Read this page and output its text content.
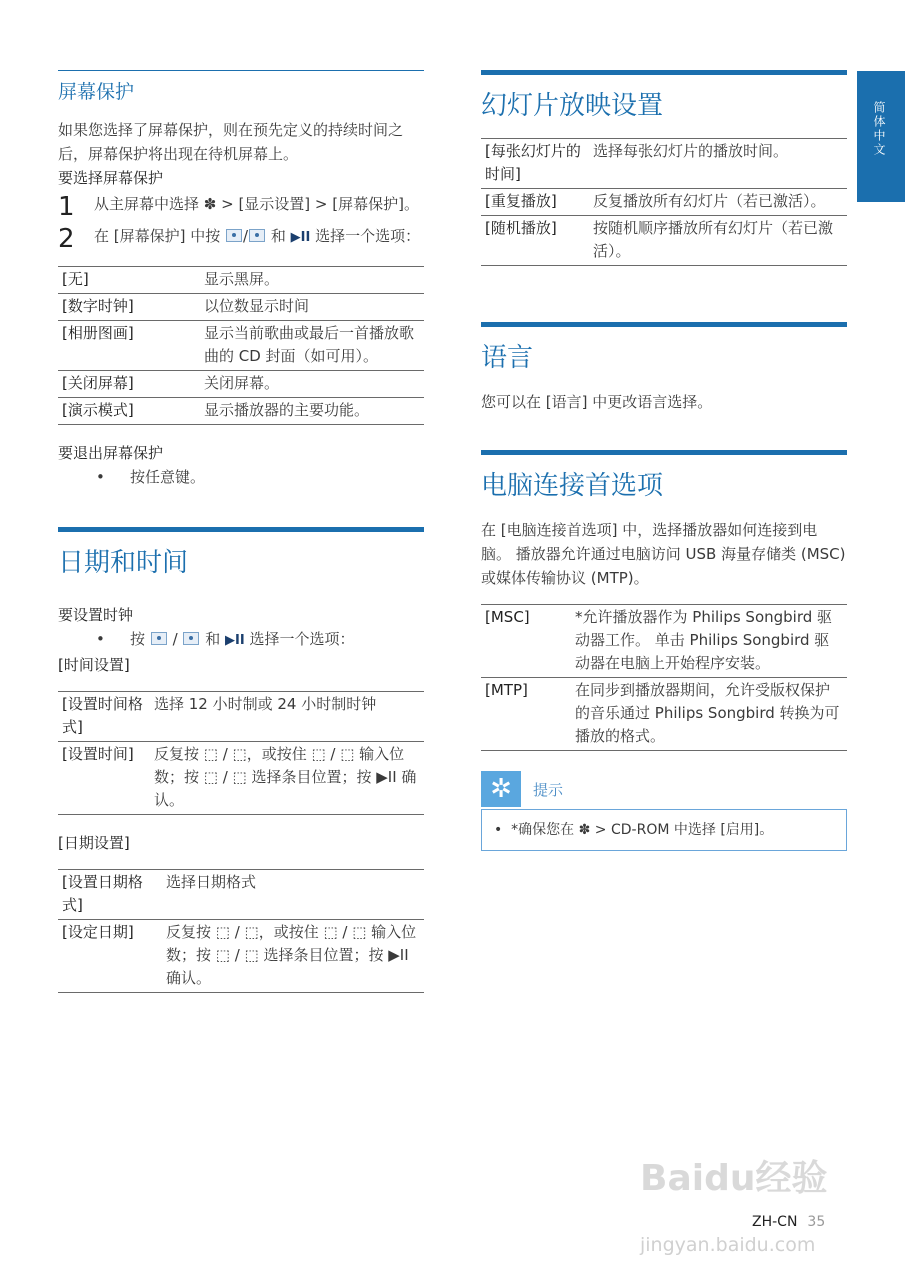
屏幕保护

如果您选择了屏幕保护，则在预先定义的持续时间之后，屏幕保护将出现在待机屏幕上。

要选择屏幕保护

1	从主屏幕中选择 ✽ > [显示设置] > [屏幕保护]。
2	在 [屏幕保护] 中按 / 和 ▶II 选择一个选项：
[无]	显示黑屏。
[数字时钟]	以位数显示时间
[相册图画]	显示当前歌曲或最后一首播放歌曲的 CD 封面（如可用）。
[关闭屏幕]	关闭屏幕。
[演示模式]	显示播放器的主要功能。

要退出屏幕保护

•	按任意键。
日期和时间

要设置时钟

•	按 / 和 ▶II 选择一个选项：

[时间设置]

[设置时间格式]	选择 12 小时制或 24 小时制时钟
[设置时间]	反复按 ⬚ / ⬚，或按住 ⬚ / ⬚ 输入位数；按 ⬚ / ⬚ 选择条目位置；按 ▶II 确认。

[日期设置]

[设置日期格式]	选择日期格式
[设定日期]	反复按 ⬚ / ⬚，或按住 ⬚ / ⬚ 输入位数；按 ⬚ / ⬚ 选择条目位置；按 ▶II 确认。
幻灯片放映设置
[每张幻灯片的时间]	选择每张幻灯片的播放时间。
[重复播放]	反复播放所有幻灯片（若已激活）。
[随机播放]	按随机顺序播放所有幻灯片（若已激活）。
语言

您可以在 [语言] 中更改语言选择。

电脑连接首选项

在 [电脑连接首选项] 中，选择播放器如何连接到电脑。 播放器允许通过电脑访问 USB 海量存储类 (MSC) 或媒体传输协议 (MTP)。

[MSC]	*允许播放器作为 Philips Songbird 驱动器工作。 单击 Philips Songbird 驱动器在电脑上开始程序安装。
[MTP]	在同步到播放器期间，允许受版权保护的音乐通过 Philips Songbird 转换为可播放的格式。
✲	提示
•  *确保您在 ✽ > CD-ROM 中选择 [启用]。
简体中文
Baidu经验
jingyan.baidu.com
ZH-CN 35
